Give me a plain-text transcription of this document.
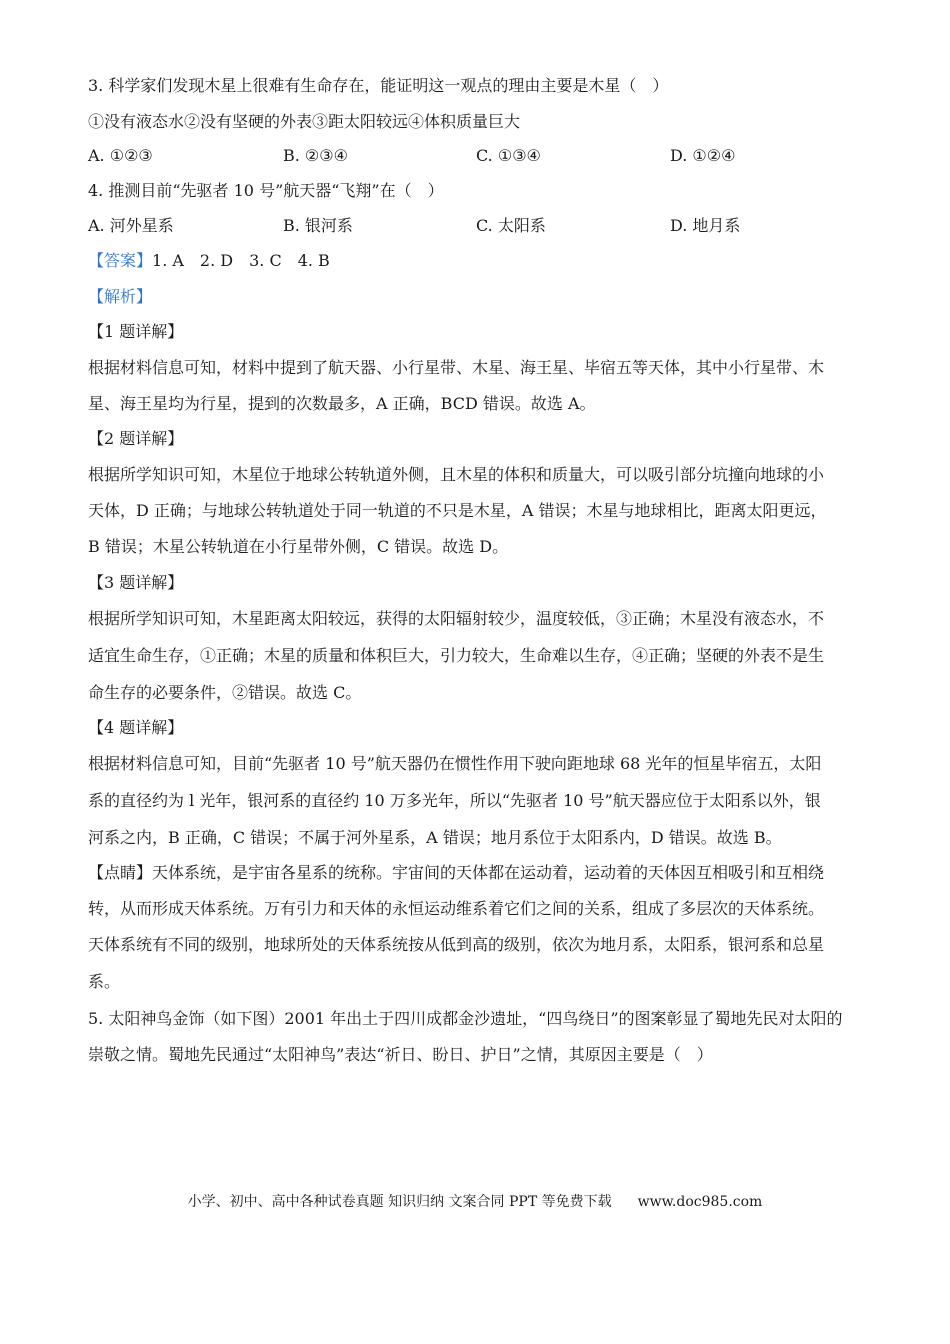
3. 科学家们发现木星上很难有生命存在，能证明这一观点的理由主要是木星（　）
①没有液态水②没有坚硬的外表③距太阳较远④体积质量巨大
A. ①②③	B. ②③④	C. ①③④	D. ①②④
4. 推测目前“先驱者 10 号”航天器“飞翔”在（　）
A. 河外星系	B. 银河系	C. 太阳系	D. 地月系
【答案】1. A　2. D　3. C　4. B
【解析】
【1 题详解】
根据材料信息可知，材料中提到了航天器、小行星带、木星、海王星、毕宿五等天体，其中小行星带、木
星、海王星均为行星，提到的次数最多，A 正确，BCD 错误。故选 A。
【2 题详解】
根据所学知识可知，木星位于地球公转轨道外侧，且木星的体积和质量大，可以吸引部分坑撞向地球的小
天体，D 正确；与地球公转轨道处于同一轨道的不只是木星，A 错误；木星与地球相比，距离太阳更远，
B 错误；木星公转轨道在小行星带外侧，C 错误。故选 D。
【3 题详解】
根据所学知识可知，木星距离太阳较远，获得的太阳辐射较少，温度较低，③正确；木星没有液态水，不
适宜生命生存，①正确；木星的质量和体积巨大，引力较大，生命难以生存，④正确；坚硬的外表不是生
命生存的必要条件，②错误。故选 C。
【4 题详解】
根据材料信息可知，目前“先驱者 10 号”航天器仍在惯性作用下驶向距地球 68 光年的恒星毕宿五，太阳
系的直径约为 l 光年，银河系的直径约 10 万多光年，所以“先驱者 10 号”航天器应位于太阳系以外，银
河系之内，B 正确，C 错误；不属于河外星系，A 错误；地月系位于太阳系内，D 错误。故选 B。
【点睛】天体系统，是宇宙各星系的统称。宇宙间的天体都在运动着，运动着的天体因互相吸引和互相绕
转，从而形成天体系统。万有引力和天体的永恒运动维系着它们之间的关系，组成了多层次的天体系统。
天体系统有不同的级别，地球所处的天体系统按从低到高的级别，依次为地月系，太阳系，银河系和总星
系。
5. 太阳神鸟金饰（如下图）2001 年出土于四川成都金沙遗址，“四鸟绕日”的图案彰显了蜀地先民对太阳的
崇敬之情。蜀地先民通过“太阳神鸟”表达“祈日、盼日、护日”之情，其原因主要是（　）
小学、初中、高中各种试卷真题 知识归纳 文案合同 PPT 等免费下载 www.doc985.com
